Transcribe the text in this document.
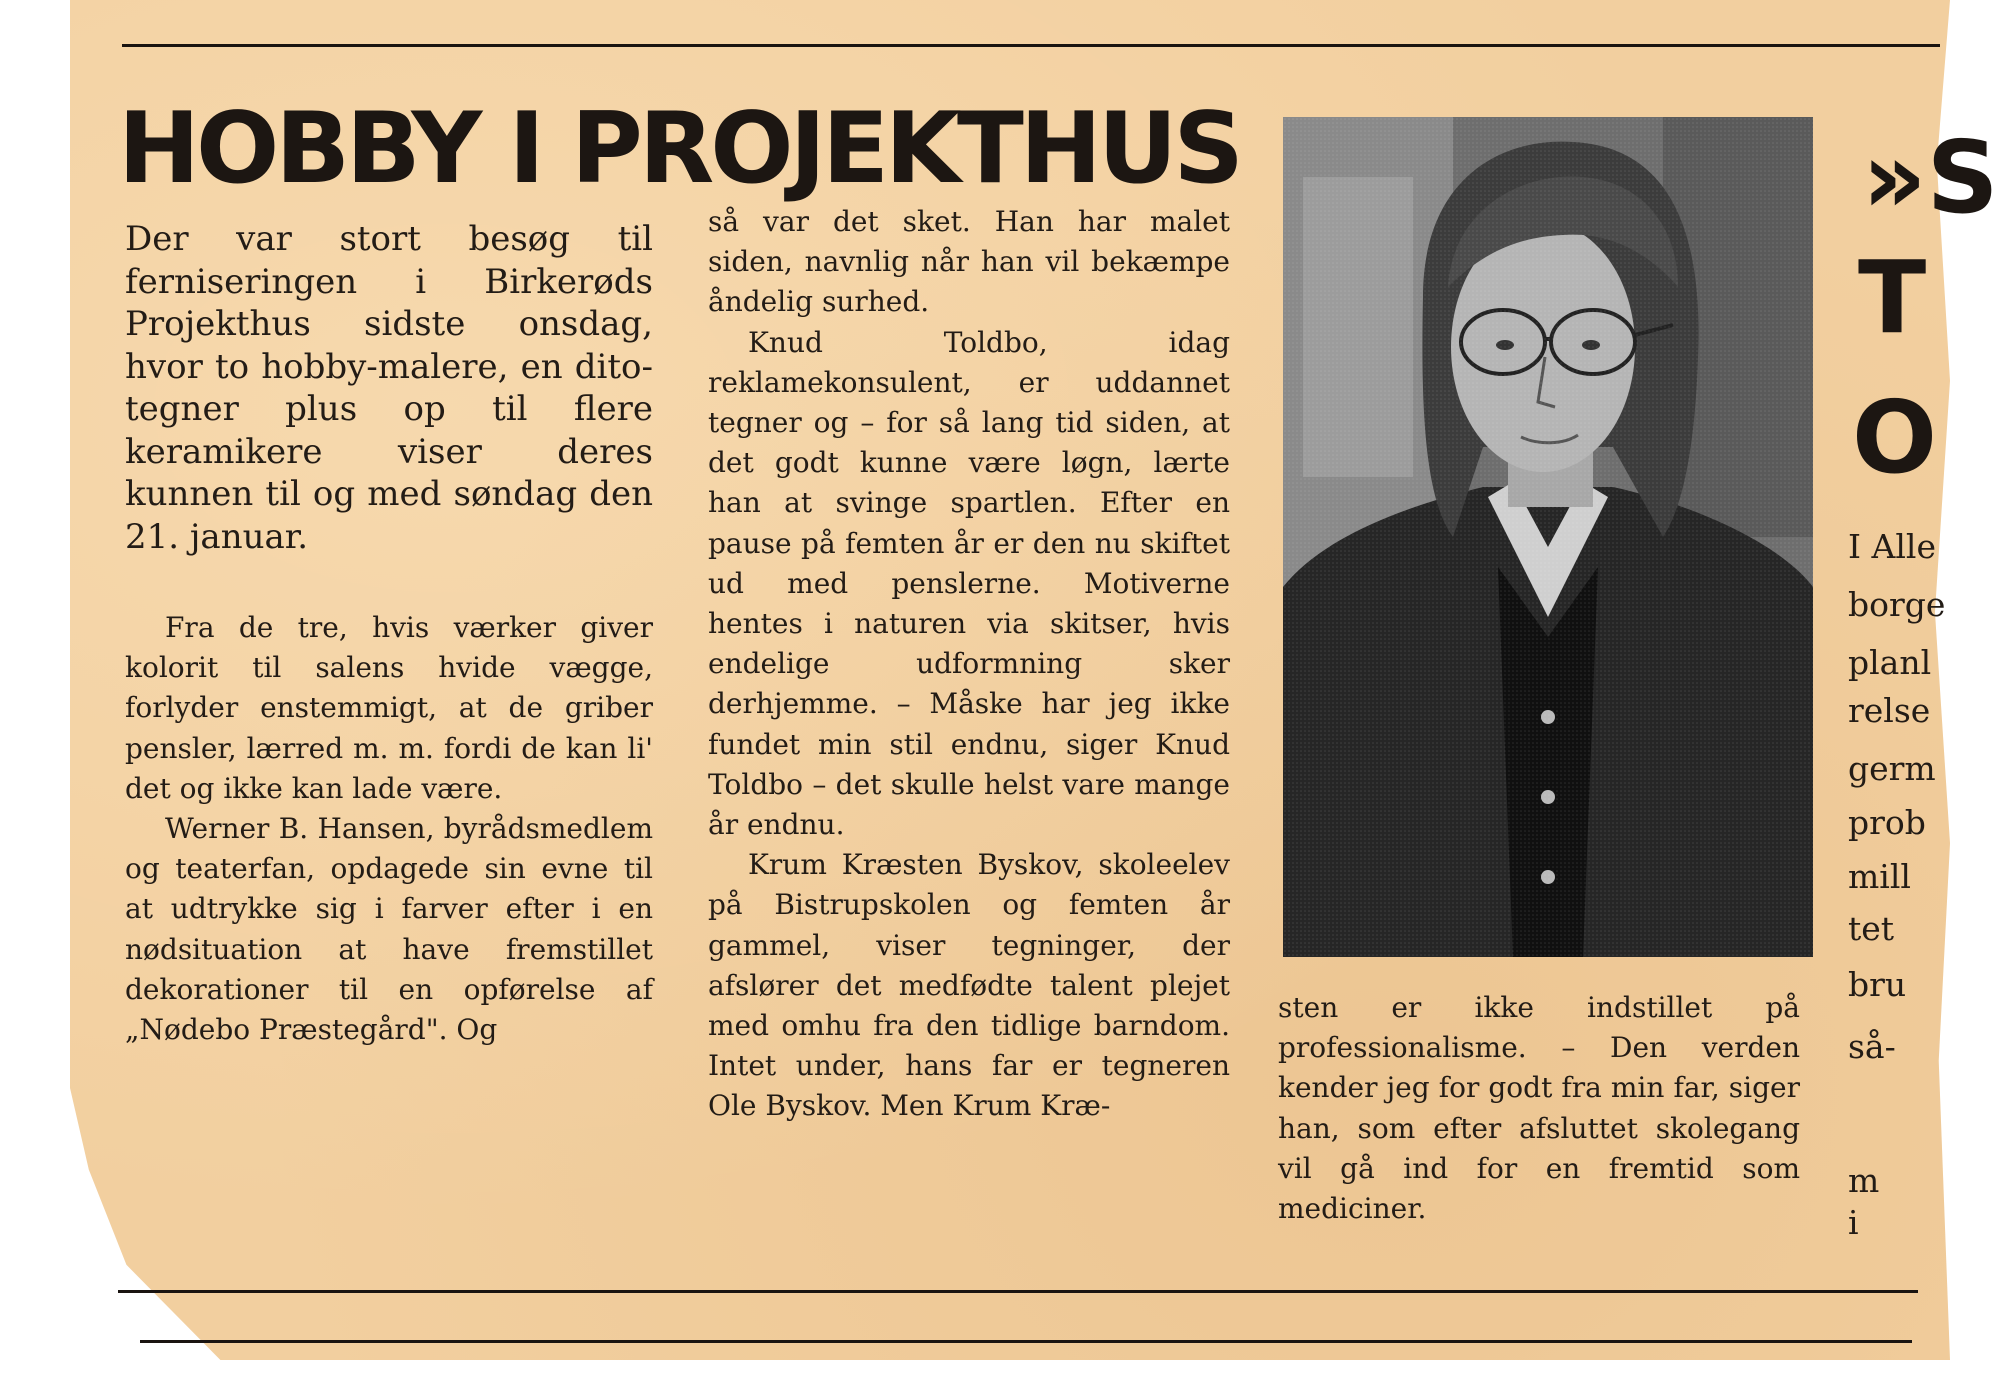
HOBBY I PROJEKTHUS

Der var stort besøg til ferniseringen i Birkerøds Projekthus sidste onsdag, hvor to hobby-malere, en dito-tegner plus op til flere keramikere viser deres kunnen til og med søndag den 21. januar.

Fra de tre, hvis værker giver kolorit til salens hvide vægge, forlyder enstemmigt, at de griber pensler, lærred m. m. fordi de kan li' det og ikke kan lade være.

Werner B. Hansen, byrådsmedlem og teaterfan, opdagede sin evne til at udtrykke sig i farver efter i en nødsituation at have fremstillet dekorationer til en opførelse af „Nødebo Præstegård". Og

så var det sket. Han har malet siden, navnlig når han vil bekæmpe åndelig surhed.

Knud Toldbo, idag reklamekonsulent, er uddannet tegner og – for så lang tid siden, at det godt kunne være løgn, lærte han at svinge spartlen. Efter en pause på femten år er den nu skiftet ud med penslerne. Motiverne hentes i naturen via skitser, hvis endelige udformning sker derhjemme. – Måske har jeg ikke fundet min stil endnu, siger Knud Toldbo – det skulle helst vare mange år endnu.

Krum Kræsten Byskov, skoleelev på Bistrupskolen og femten år gammel, viser tegninger, der afslører det medfødte talent plejet med omhu fra den tidlige barndom. Intet under, hans far er tegneren Ole Byskov. Men Krum Kræ-

sten er ikke indstillet på professionalisme. – Den verden kender jeg for godt fra min far, siger han, som efter afsluttet skolegang vil gå ind for en fremtid som mediciner.

»S
T
O
I Alle
borge
planl
relse
germ
prob
mill
tet
bru
så-
m
i
